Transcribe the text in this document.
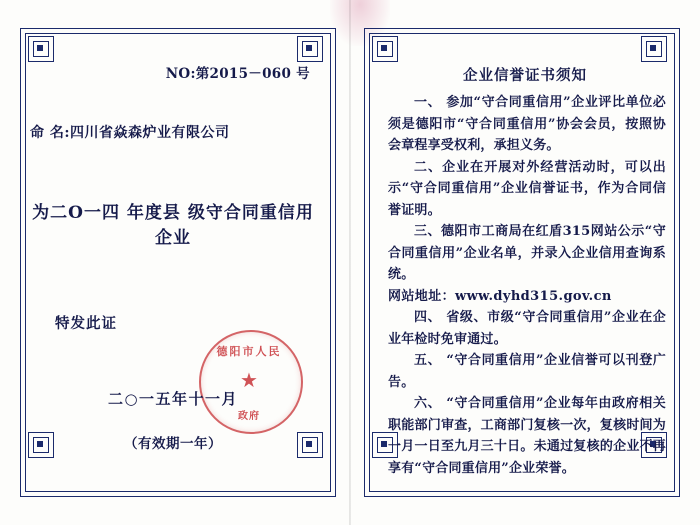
NO:第2015－060 号
命 名:四川省焱森炉业有限公司
为二O一四 年度县 级守合同重信用企业
特发此证
德阳市人民
★
政府
二○一五年十一月
（有效期一年）
企业信誉证书须知

一、 参加“守合同重信用”企业评比单位必须是德阳市“守合同重信用”协会会员，按照协会章程享受权利，承担义务。

二、企业在开展对外经营活动时，可以出示“守合同重信用”企业信誉证书，作为合同信誉证明。

三、德阳市工商局在红盾315网站公示“守合同重信用”企业名单，并录入企业信用查询系统。

网站地址：www.dyhd315.gov.cn

四、 省级、市级“守合同重信用”企业在企业年检时免审通过。

五、 “守合同重信用”企业信誉可以刊登广告。

六、 “守合同重信用”企业每年由政府相关职能部门审查，工商部门复核一次，复核时间为一月一日至九月三十日。未通过复核的企业不再享有“守合同重信用”企业荣誉。
